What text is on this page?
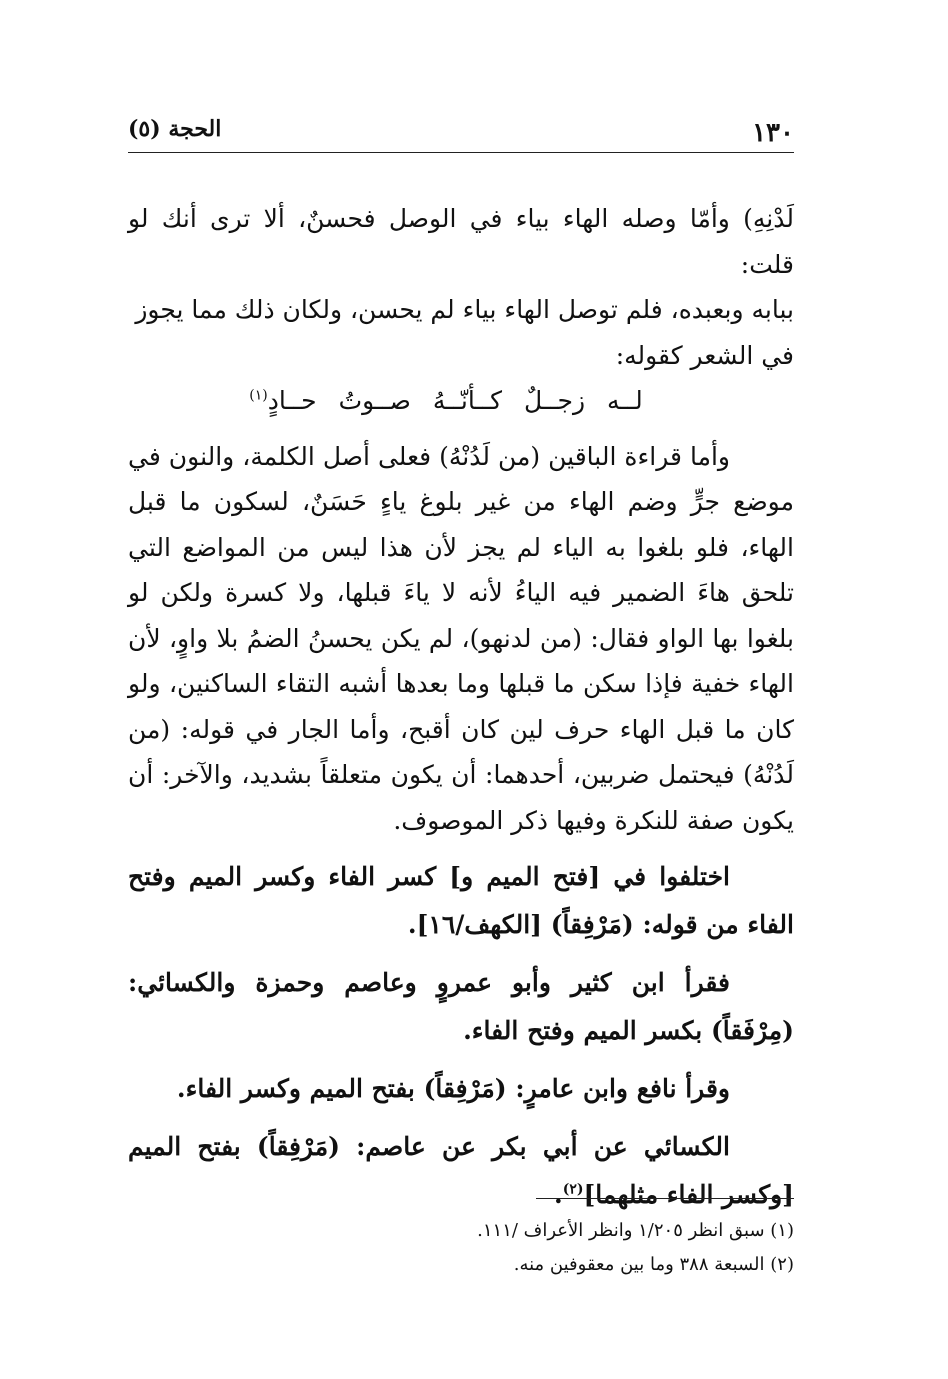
١٣٠
الحجة (٥)

لَدْنِهِ) وأمّا وصله الهاء بياء في الوصل فحسنٌ، ألا ترى أنك لو قلت:
ببابه وبعبده، فلم توصل الهاء بياء لم يحسن، ولكان ذلك مما يجوز
في الشعر كقوله:

لــه زجــلٌ كــأنّــهُ صــوتُ حــادٍ$^{(١)}$

وأما قراءة الباقين (من لَدُنْهُ) فعلى أصل الكلمة، والنون في موضع جرٍّ وضم الهاء من غير بلوغ ياءٍ حَسَنٌ، لسكون ما قبل الهاء، فلو بلغوا به الياء لم يجز لأن هذا ليس من المواضع التي تلحق هاءَ الضمير فيه الياءُ لأنه لا ياءَ قبلها، ولا كسرة ولكن لو بلغوا بها الواو فقال: (من لدنهو)، لم يكن يحسنُ الضمُ بلا واوٍ، لأن الهاء خفية فإذا سكن ما قبلها وما بعدها أشبه التقاء الساكنين، ولو كان ما قبل الهاء حرف لين كان أقبح، وأما الجار في قوله: (من لَدُنْهُ) فيحتمل ضربين، أحدهما: أن يكون متعلقاً بشديد، والآخر: أن يكون صفة للنكرة وفيها ذكر الموصوف.

اختلفوا في [فتح الميم و] كسر الفاء وكسر الميم وفتح الفاء من قوله: (مَرْفِقاً) [الكهف/١٦].

فقرأ ابن كثير وأبو عمروٍ وعاصم وحمزة والكسائي: (مِرْفَقاً) بكسر الميم وفتح الفاء.

وقرأ نافع وابن عامرٍ: (مَرْفِقاً) بفتح الميم وكسر الفاء.

الكسائي عن أبي بكر عن عاصم: (مَرْفِقاً) بفتح الميم [وكسر الفاء مثلهما]$^{(٢)}$.

(١) سبق انظر ١/٢٠٥ وانظر الأعراف /١١١.

(٢) السبعة ٣٨٨ وما بين معقوفين منه.
